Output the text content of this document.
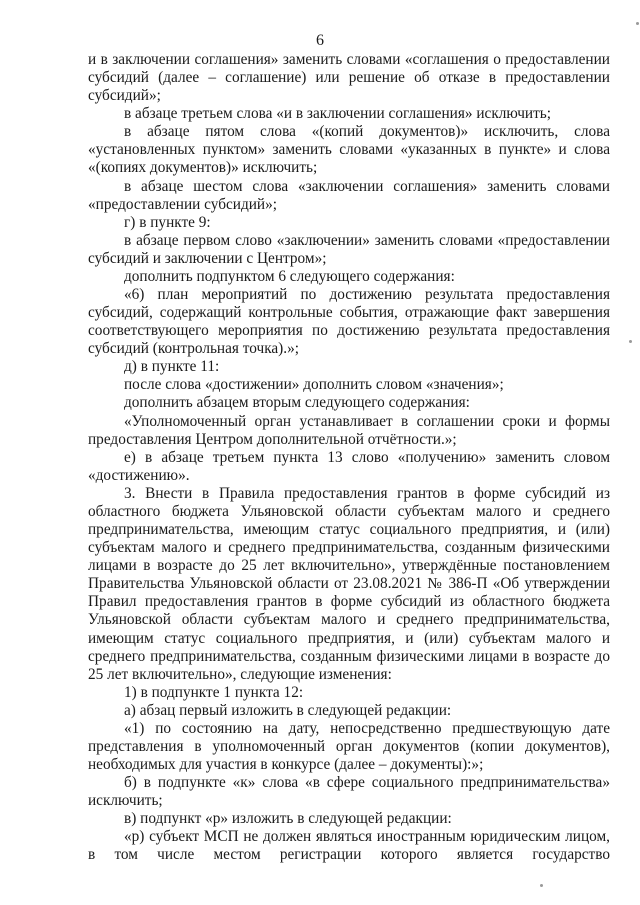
6

и в заключении соглашения» заменить словами «соглашения о предоставлении субсидий (далее – соглашение) или решение об отказе в предоставлении субсидий»;

в абзаце третьем слова «и в заключении соглашения» исключить;

в абзаце пятом слова «(копий документов)» исключить, слова «установленных пунктом» заменить словами «указанных в пункте» и слова «(копиях документов)» исключить;

в абзаце шестом слова «заключении соглашения» заменить словами «предоставлении субсидий»;

г) в пункте 9:

в абзаце первом слово «заключении» заменить словами «предоставлении субсидий и заключении с Центром»;

дополнить подпунктом 6 следующего содержания:

«6) план мероприятий по достижению результата предоставления субсидий, содержащий контрольные события, отражающие факт завершения соответствующего мероприятия по достижению результата предоставления субсидий (контрольная точка).»;

д) в пункте 11:

после слова «достижении» дополнить словом «значения»;

дополнить абзацем вторым следующего содержания:

«Уполномоченный орган устанавливает в соглашении сроки и формы предоставления Центром дополнительной отчётности.»;

е) в абзаце третьем пункта 13 слово «получению» заменить словом «достижению».

3. Внести в Правила предоставления грантов в форме субсидий из областного бюджета Ульяновской области субъектам малого и среднего предпринимательства, имеющим статус социального предприятия, и (или) субъектам малого и среднего предпринимательства, созданным физическими лицами в возрасте до 25 лет включительно», утверждённые постановлением Правительства Ульяновской области от 23.08.2021 № 386-П «Об утверждении Правил предоставления грантов в форме субсидий из областного бюджета Ульяновской области субъектам малого и среднего предпринимательства, имеющим статус социального предприятия, и (или) субъектам малого и среднего предпринимательства, созданным физическими лицами в возрасте до 25 лет включительно», следующие изменения:

1) в подпункте 1 пункта 12:

а) абзац первый изложить в следующей редакции:

«1) по состоянию на дату, непосредственно предшествующую дате представления в уполномоченный орган документов (копии документов), необходимых для участия в конкурсе (далее – документы):»;

б) в подпункте «к» слова «в сфере социального предпринимательства» исключить;

в) подпункт «р» изложить в следующей редакции:

«р) субъект МСП не должен являться иностранным юридическим лицом, в том числе местом регистрации которого является государство
